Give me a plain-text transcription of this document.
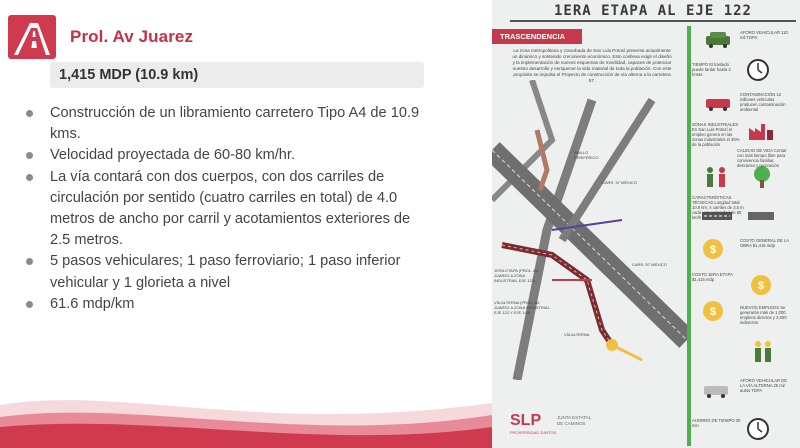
Prol. Av Juarez
1,415 MDP (10.9 km)
Construcción de un libramiento carretero Tipo A4 de 10.9 kms.
Velocidad proyectada de 60-80 km/hr.
La vía contará con dos cuerpos, con dos carriles de circulación por sentido (cuatro carriles en total) de 4.0 metros de ancho por carril y acotamientos exteriores de 2.5 metros.
5 pasos vehiculares; 1 paso ferroviario; 1 paso inferior vehicular y 1 glorieta a nivel
61.6 mdp/km
1ERA ETAPA AL EJE 122
TRASCENDENCIA
La zona metropolitana y conurbada de San Luis Potosí presenta actualmente un dinámico y sostenido crecimiento económico. Esto conlleva exigir el diseño y la implementación de nuevos esquemas de movilidad, capaces de potenciar nuestro desarrollo y enriquecer la vida material de toda la población. Con este propósito se impulsa el Proyecto de construcción de vía alterna a la carretera 57.
1ERA ETAPA (PROL. AV. JUAREZ A ZONA INDUSTRIAL EJE 122)
VÍA ALTERNA (PROL. AV. JUAREZ A ZONA INDUSTRIAL EJE 122 Y EJE 140)
CARR. 57 MÉXICO
CARR. 57 MÉXICO
ANILLO PERIFÉRICO
VÍA ALTERNA
$
$
$
AFORO VEHICULAR 110 mil TDPA
TIEMPO El traslado puede tardar hasta 3 horas
CONTAMINACIÓN 12 millones vehículos producen contaminación ambiental
ZONAS INDUSTRIALES En San Luis Potosí el empleo genera en las zonas industriales el 40% de la población
CALIDAD DE VIDA Contar con más tiempo libre para convivencia familiar, descanso y recreación
CARACTERÍSTICAS TÉCNICAS Longitud total 10.9 km; 4 carriles de 3.5 m cada uno; Velocidad de 80 km/h
COSTO GENERAL DE LA OBRA $1,415 mdp
COSTO 1ERA ETAPA $1,415 mdp
NUEVOS EMPLEOS Se generarán más de 1,000 empleos directos y 2,000 indirectos
AFORO VEHICULAR DE LA VÍA ALTERNA 25 mil autos TDPA
AHORRO DE TIEMPO 30 min
SLP
PROSPERIDAD JUNTOS
JUNTA ESTATAL DE CAMINOS
